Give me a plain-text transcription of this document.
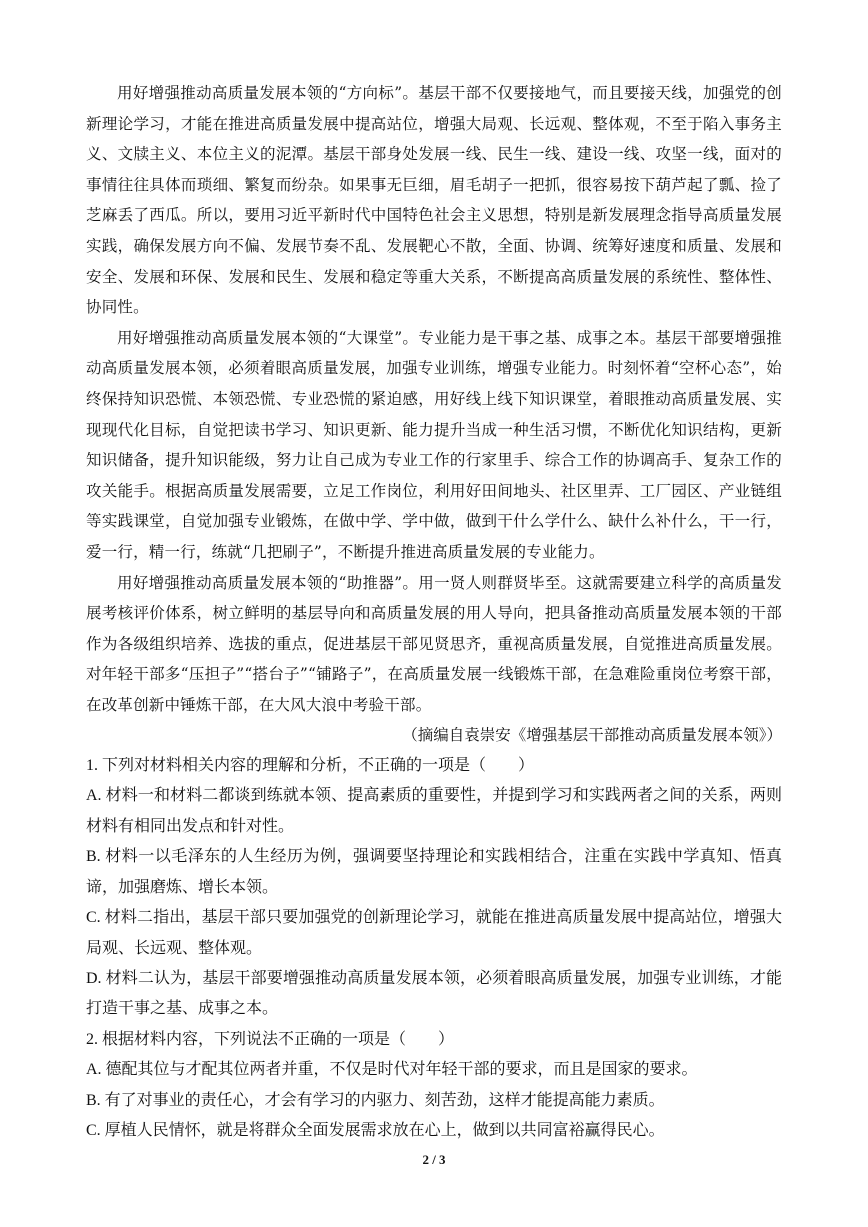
用好增强推动高质量发展本领的“方向标”。基层干部不仅要接地气，而且要接天线，加强党的创新理论学习，才能在推进高质量发展中提高站位，增强大局观、长远观、整体观，不至于陷入事务主义、文牍主义、本位主义的泥潭。基层干部身处发展一线、民生一线、建设一线、攻坚一线，面对的事情往往具体而琐细、繁复而纷杂。如果事无巨细，眉毛胡子一把抓，很容易按下葫芦起了瓢、捡了芝麻丢了西瓜。所以，要用习近平新时代中国特色社会主义思想，特别是新发展理念指导高质量发展实践，确保发展方向不偏、发展节奏不乱、发展靶心不散，全面、协调、统筹好速度和质量、发展和安全、发展和环保、发展和民生、发展和稳定等重大关系，不断提高高质量发展的系统性、整体性、协同性。

用好增强推动高质量发展本领的“大课堂”。专业能力是干事之基、成事之本。基层干部要增强推动高质量发展本领，必须着眼高质量发展，加强专业训练，增强专业能力。时刻怀着“空杯心态”，始终保持知识恐慌、本领恐慌、专业恐慌的紧迫感，用好线上线下知识课堂，着眼推动高质量发展、实现现代化目标，自觉把读书学习、知识更新、能力提升当成一种生活习惯，不断优化知识结构，更新知识储备，提升知识能级，努力让自己成为专业工作的行家里手、综合工作的协调高手、复杂工作的攻关能手。根据高质量发展需要，立足工作岗位，利用好田间地头、社区里弄、工厂园区、产业链组等实践课堂，自觉加强专业锻炼，在做中学、学中做，做到干什么学什么、缺什么补什么，干一行，爱一行，精一行，练就“几把刷子”，不断提升推进高质量发展的专业能力。

用好增强推动高质量发展本领的“助推器”。用一贤人则群贤毕至。这就需要建立科学的高质量发展考核评价体系，树立鲜明的基层导向和高质量发展的用人导向，把具备推动高质量发展本领的干部作为各级组织培养、选拔的重点，促进基层干部见贤思齐，重视高质量发展，自觉推进高质量发展。对年轻干部多“压担子”“搭台子”“铺路子”，在高质量发展一线锻炼干部，在急难险重岗位考察干部，在改革创新中锤炼干部，在大风大浪中考验干部。

（摘编自袁崇安《增强基层干部推动高质量发展本领》）

1. 下列对材料相关内容的理解和分析，不正确的一项是（　　）

A. 材料一和材料二都谈到练就本领、提高素质的重要性，并提到学习和实践两者之间的关系，两则材料有相同出发点和针对性。

B. 材料一以毛泽东的人生经历为例，强调要坚持理论和实践相结合，注重在实践中学真知、悟真谛，加强磨炼、增长本领。

C. 材料二指出，基层干部只要加强党的创新理论学习，就能在推进高质量发展中提高站位，增强大局观、长远观、整体观。

D. 材料二认为，基层干部要增强推动高质量发展本领，必须着眼高质量发展，加强专业训练，才能打造干事之基、成事之本。

2. 根据材料内容，下列说法不正确的一项是（　　）

A. 德配其位与才配其位两者并重，不仅是时代对年轻干部的要求，而且是国家的要求。

B. 有了对事业的责任心，才会有学习的内驱力、刻苦劲，这样才能提高能力素质。

C. 厚植人民情怀，就是将群众全面发展需求放在心上，做到以共同富裕赢得民心。

2 / 3
